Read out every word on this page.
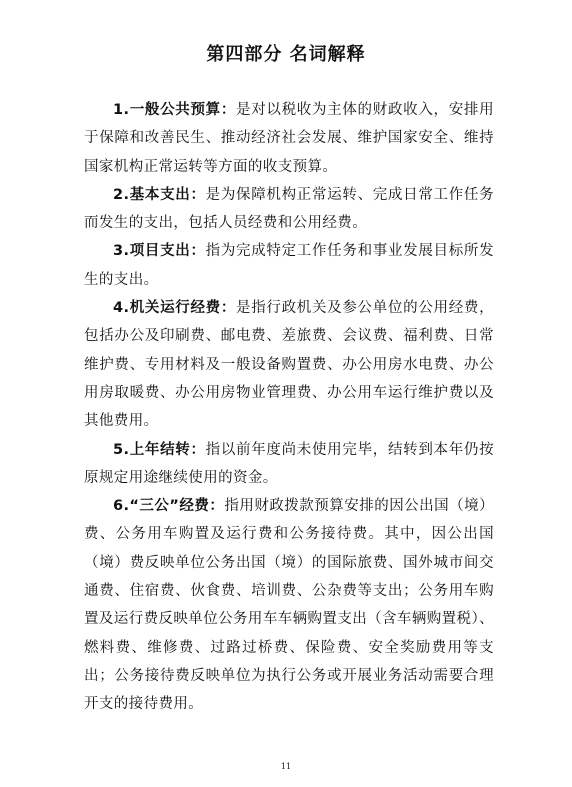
第四部分 名词解释

1.一般公共预算：是对以税收为主体的财政收入，安排用于保障和改善民生、推动经济社会发展、维护国家安全、维持国家机构正常运转等方面的收支预算。

2.基本支出：是为保障机构正常运转、完成日常工作任务而发生的支出，包括人员经费和公用经费。

3.项目支出：指为完成特定工作任务和事业发展目标所发生的支出。

4.机关运行经费：是指行政机关及参公单位的公用经费，包括办公及印刷费、邮电费、差旅费、会议费、福利费、日常维护费、专用材料及一般设备购置费、办公用房水电费、办公用房取暖费、办公用房物业管理费、办公用车运行维护费以及其他费用。

5.上年结转：指以前年度尚未使用完毕，结转到本年仍按原规定用途继续使用的资金。

6.“三公”经费：指用财政拨款预算安排的因公出国（境）费、公务用车购置及运行费和公务接待费。其中，因公出国（境）费反映单位公务出国（境）的国际旅费、国外城市间交通费、住宿费、伙食费、培训费、公杂费等支出；公务用车购置及运行费反映单位公务用车车辆购置支出（含车辆购置税）、燃料费、维修费、过路过桥费、保险费、安全奖励费用等支出；公务接待费反映单位为执行公务或开展业务活动需要合理开支的接待费用。

11
